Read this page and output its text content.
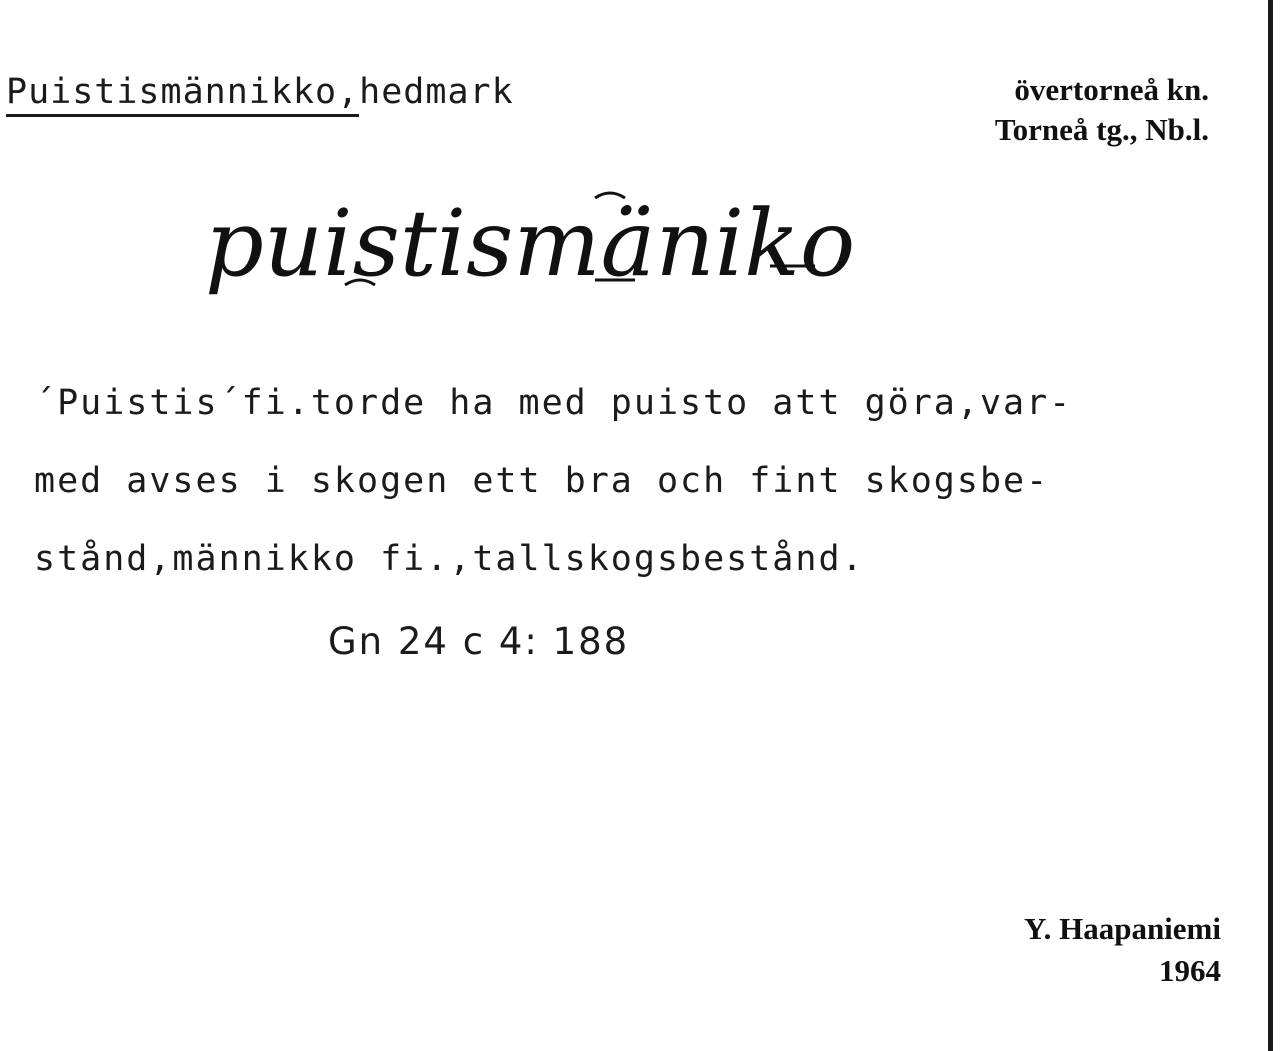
Puistismännikko,hedmark	övertorneå kn.
Torneå tg., Nb.l.
puistismäniko
´Puistis´fi.torde ha med puisto att göra,var-
med avses i skogen ett bra och fint skogsbe-
stånd,männikko fi.,tallskogsbestånd.
Gn 24 c 4: 188
Y. Haapaniemi
1964
